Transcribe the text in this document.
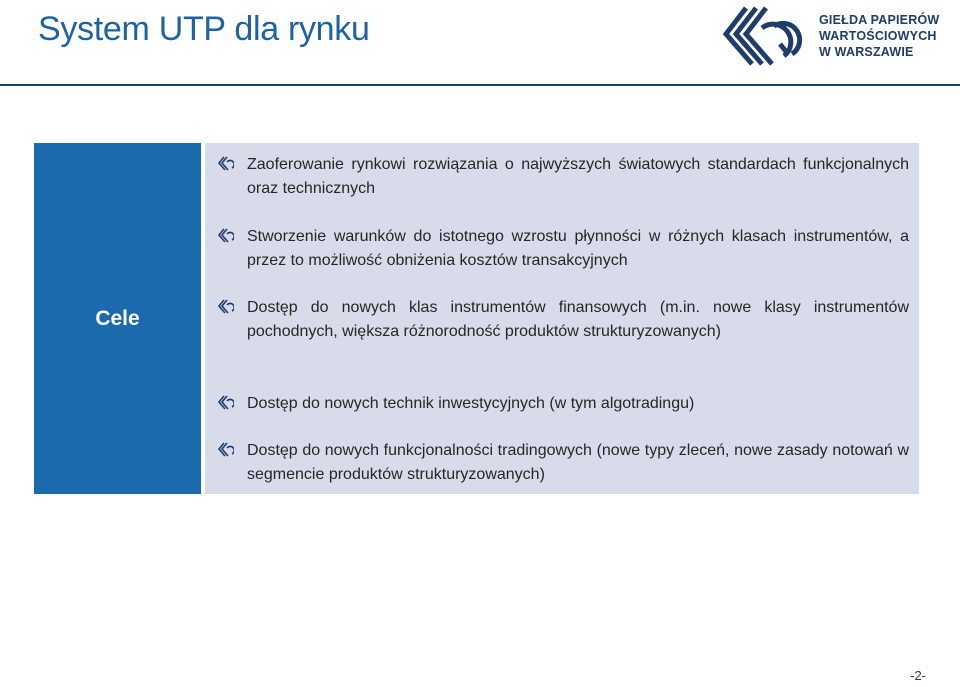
System UTP dla rynku	GIEŁDA PAPIERÓW
WARTOŚCIOWYCH
W WARSZAWIE
Cele
Zaoferowanie rynkowi rozwiązania o najwyższych światowych standardach funkcjonalnych oraz technicznych
Stworzenie warunków do istotnego wzrostu płynności w różnych klasach instrumentów, a przez to możliwość obniżenia kosztów transakcyjnych
Dostęp do nowych klas instrumentów finansowych (m.in. nowe klasy instrumentów pochodnych, większa różnorodność produktów strukturyzowanych)
Dostęp do nowych technik inwestycyjnych (w tym algotradingu)
Dostęp do nowych funkcjonalności tradingowych (nowe typy zleceń, nowe zasady notowań w segmencie produktów strukturyzowanych)
-2-
